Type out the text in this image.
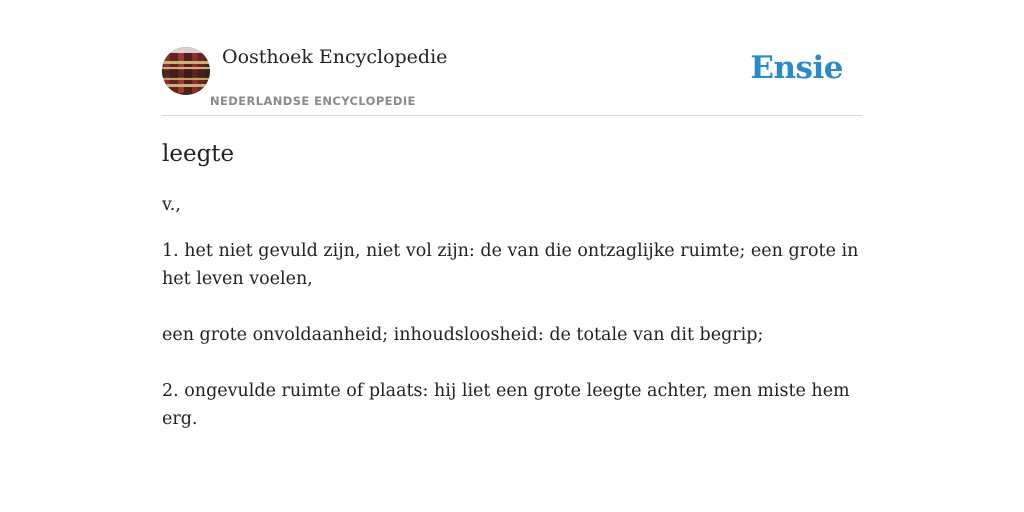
Oosthoek Encyclopedie
NEDERLANDSE ENCYCLOPEDIE
Ensie
leegte

v.,

1. het niet gevuld zijn, niet vol zijn: de van die ontzaglijke ruimte; een grote in het leven voelen,

een grote onvoldaanheid; inhoudsloosheid: de totale van dit begrip;

2. ongevulde ruimte of plaats: hij liet een grote leegte achter, men miste hem erg.
